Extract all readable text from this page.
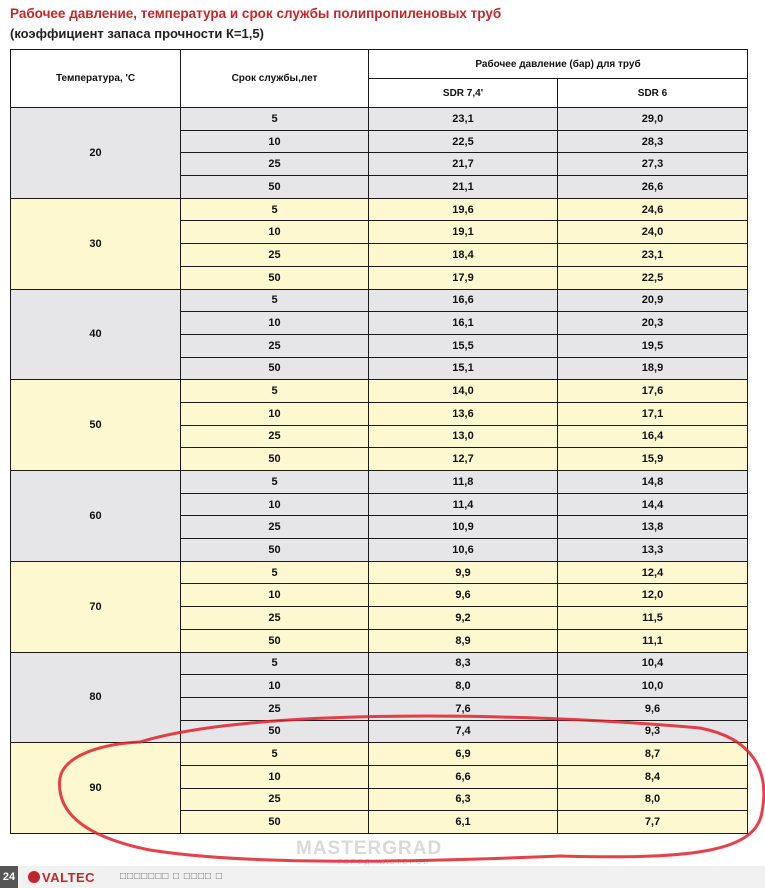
Рабочее давление, температура и срок службы полипропиленовых труб
(коэффициент запаса прочности К=1,5)
Температура, 'С	Срок службы,лет	Рабочее давление (бар) для труб	
		SDR 7,4'	SDR 6
20	5	23,1	29,0
	10	22,5	28,3
	25	21,7	27,3
	50	21,1	26,6
30	5	19,6	24,6
	10	19,1	24,0
	25	18,4	23,1
	50	17,9	22,5
40	5	16,6	20,9
	10	16,1	20,3
	25	15,5	19,5
	50	15,1	18,9
50	5	14,0	17,6
	10	13,6	17,1
	25	13,0	16,4
	50	12,7	15,9
60	5	11,8	14,8
	10	11,4	14,4
	25	10,9	13,8
	50	10,6	13,3
70	5	9,9	12,4
	10	9,6	12,0
	25	9,2	11,5
	50	8,9	11,1
80	5	8,3	10,4
	10	8,0	10,0
	25	7,6	9,6
	50	7,4	9,3
90	5	6,9	8,7
	10	6,6	8,4
	25	6,3	8,0
	50	6,1	7,7
MASTERGRAD
ГОРОД МАСТЕРОВ
24	VALTEC □□□□□□□ □ □□□□ □
